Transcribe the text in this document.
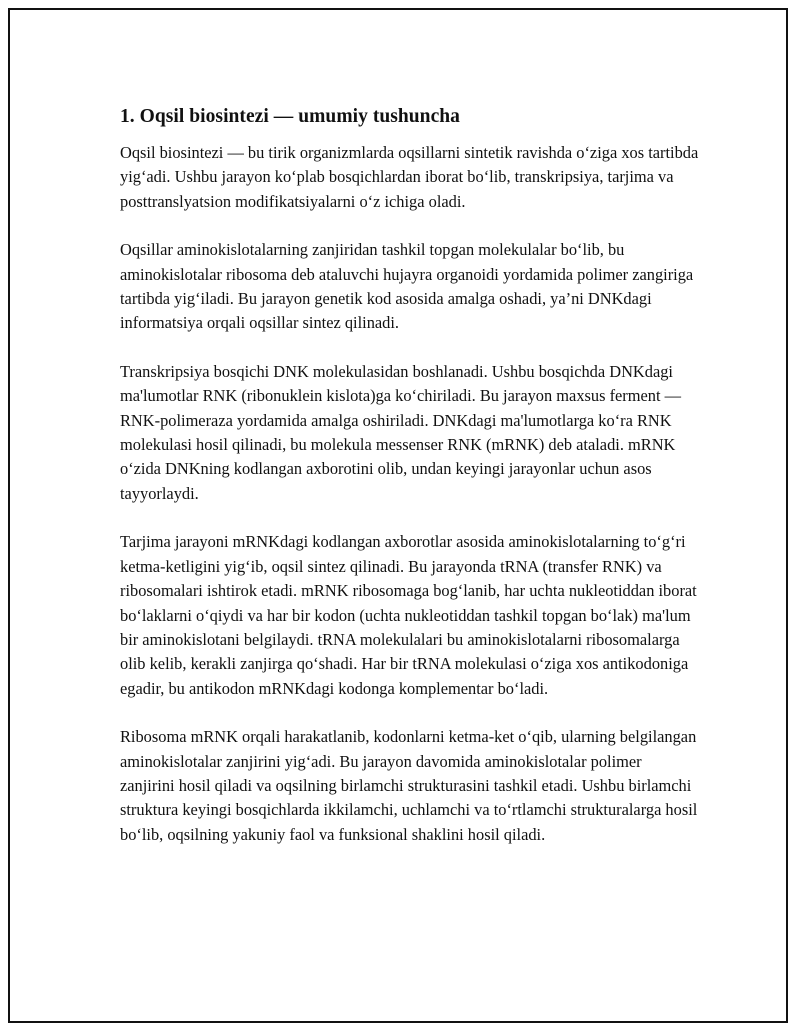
1. Oqsil biosintezi — umumiy tushuncha

Oqsil biosintezi — bu tirik organizmlarda oqsillarni sintetik ravishda o‘ziga xos tartibda yig‘adi. Ushbu jarayon ko‘plab bosqichlardan iborat bo‘lib, transkripsiya, tarjima va posttranslyatsion modifikatsiyalarni o‘z ichiga oladi.

Oqsillar aminokislotalarning zanjiridan tashkil topgan molekulalar bo‘lib, bu aminokislotalar ribosoma deb ataluvchi hujayra organoidi yordamida polimer zangiriga tartibda yig‘iladi. Bu jarayon genetik kod asosida amalga oshadi, ya’ni DNKdagi informatsiya orqali oqsillar sintez qilinadi.

Transkripsiya bosqichi DNK molekulasidan boshlanadi. Ushbu bosqichda DNKdagi ma'lumotlar RNK (ribonuklein kislota)ga ko‘chiriladi. Bu jarayon maxsus ferment — RNK-polimeraza yordamida amalga oshiriladi. DNKdagi ma'lumotlarga ko‘ra RNK molekulasi hosil qilinadi, bu molekula messenser RNK (mRNK) deb ataladi. mRNK o‘zida DNKning kodlangan axborotini olib, undan keyingi jarayonlar uchun asos tayyorlaydi.

Tarjima jarayoni mRNKdagi kodlangan axborotlar asosida aminokislotalarning to‘g‘ri ketma-ketligini yig‘ib, oqsil sintez qilinadi. Bu jarayonda tRNA (transfer RNK) va ribosomalari ishtirok etadi. mRNK ribosomaga bog‘lanib, har uchta nukleotiddan iborat bo‘laklarni o‘qiydi va har bir kodon (uchta nukleotiddan tashkil topgan bo‘lak) ma'lum bir aminokislotani belgilaydi. tRNA molekulalari bu aminokislotalarni ribosomalarga olib kelib, kerakli zanjirga qo‘shadi. Har bir tRNA molekulasi o‘ziga xos antikodoniga egadir, bu antikodon mRNKdagi kodonga komplementar bo‘ladi.

Ribosoma mRNK orqali harakatlanib, kodonlarni ketma-ket o‘qib, ularning belgilangan aminokislotalar zanjirini yig‘adi. Bu jarayon davomida aminokislotalar polimer zanjirini hosil qiladi va oqsilning birlamchi strukturasini tashkil etadi. Ushbu birlamchi struktura keyingi bosqichlarda ikkilamchi, uchlamchi va to‘rtlamchi strukturalarga hosil bo‘lib, oqsilning yakuniy faol va funksional shaklini hosil qiladi.
